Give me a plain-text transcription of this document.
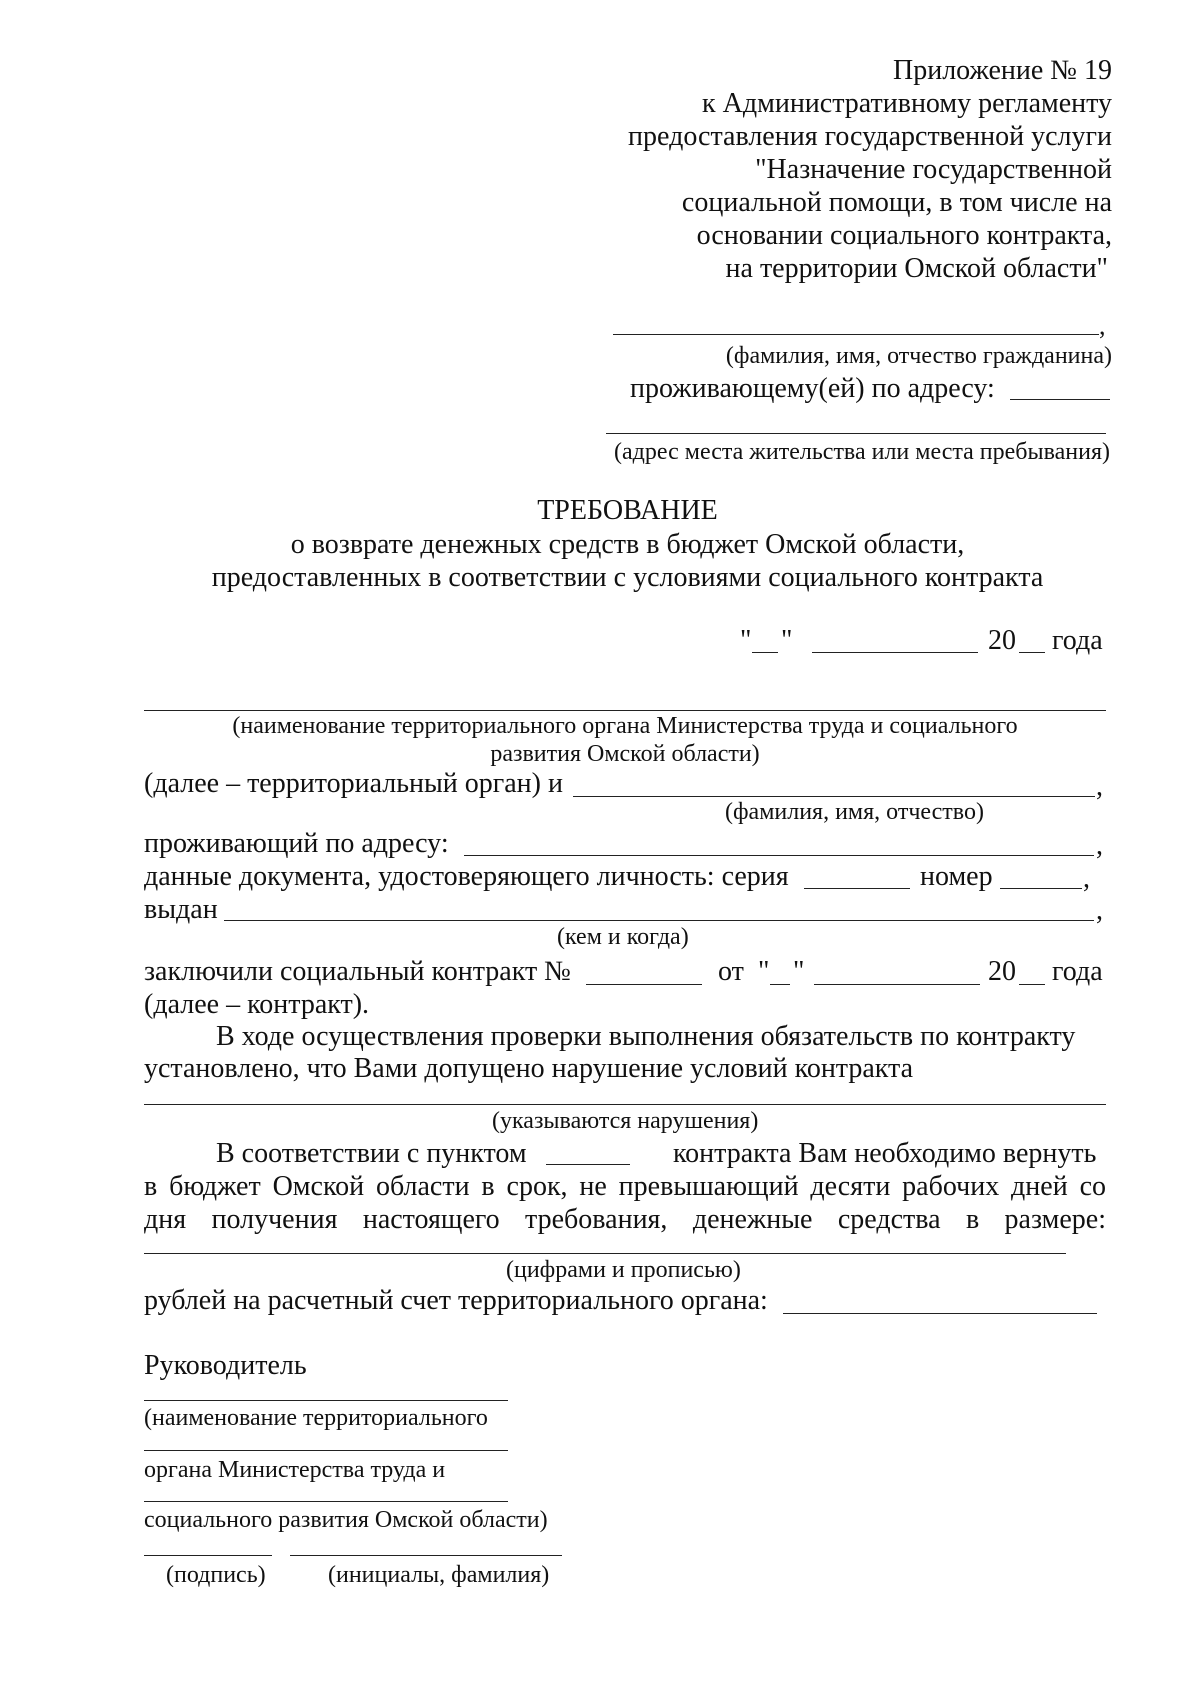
Приложение № 19
к Административному регламенту
предоставления государственной услуги
"Назначение государственной
социальной помощи, в том числе на
основании социального контракта,
на территории Омской области"
,
(фамилия, имя, отчество гражданина)
проживающему(ей) по адресу:
(адрес места жительства или места пребывания)
ТРЕБОВАНИЕ
о возврате денежных средств в бюджет Омской области,
предоставленных в соответствии с условиями социального контракта
" "	20 года
(наименование территориального органа Министерства труда и социального
развития Омской области)
(далее – территориальный орган) и	,
(фамилия, имя, отчество)
проживающий по адресу:	,
данные документа, удостоверяющего личность: серия	номер	,
выдан	,
(кем и когда)
заключили социальный контракт №	от " "	20 года
(далее – контракт).
В ходе осуществления проверки выполнения обязательств по контракту
установлено, что Вами допущено нарушение условий контракта
(указываются нарушения)
В соответствии с пунктом	контракта Вам необходимо вернуть
в бюджет Омской области в срок, не превышающий десяти рабочих дней со
дня получения настоящего требования, денежные средства в размере:
(цифрами и прописью)
рублей на расчетный счет территориального органа:
Руководитель
(наименование территориального
органа Министерства труда и
социального развития Омской области)
(подпись)	(инициалы, фамилия)
